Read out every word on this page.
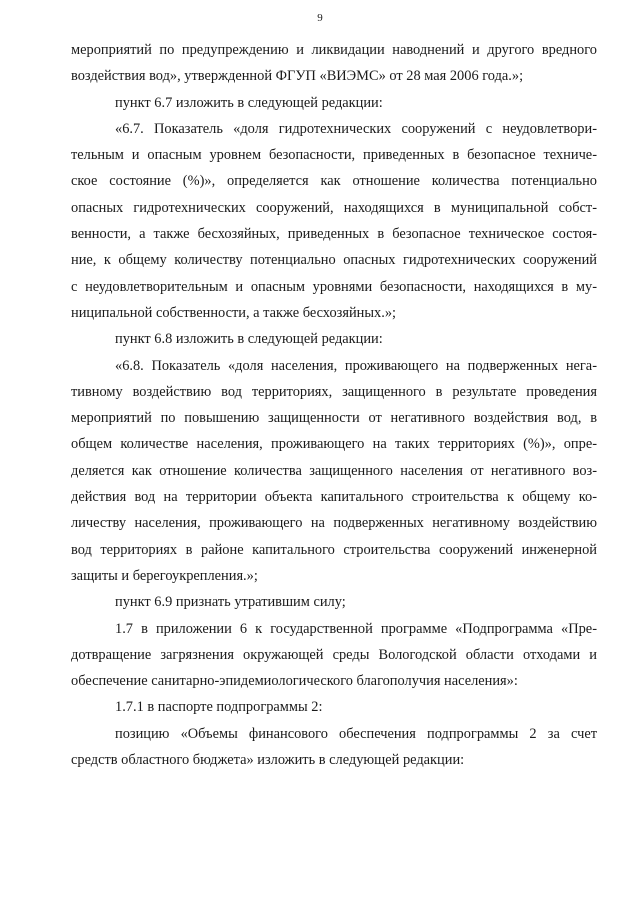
9
мероприятий по предупреждению и ликвидации наводнений и другого вредного
воздействия вод», утвержденной ФГУП «ВИЭМС» от 28 мая 2006 года.»;
пункт 6.7 изложить в следующей редакции:
«6.7. Показатель «доля гидротехнических сооружений с неудовлетвори-
тельным и опасным уровнем безопасности, приведенных в безопасное техниче-
ское состояние (%)», определяется как отношение количества потенциально
опасных гидротехнических сооружений, находящихся в муниципальной собст-
венности, а также бесхозяйных, приведенных в безопасное техническое состоя-
ние, к общему количеству потенциально опасных гидротехнических сооружений
с неудовлетворительным и опасным уровнями безопасности, находящихся в му-
ниципальной собственности, а также бесхозяйных.»;
пункт 6.8 изложить в следующей редакции:
«6.8. Показатель «доля населения, проживающего на подверженных нега-
тивному воздействию вод территориях, защищенного в результате проведения
мероприятий по повышению защищенности от негативного воздействия вод, в
общем количестве населения, проживающего на таких территориях (%)», опре-
деляется как отношение количества защищенного населения от негативного воз-
действия вод на территории объекта капитального строительства к общему ко-
личеству населения, проживающего на подверженных негативному воздействию
вод территориях в районе капитального строительства сооружений инженерной
защиты и берегоукрепления.»;
пункт 6.9 признать утратившим силу;
1.7 в приложении 6 к государственной программе «Подпрограмма «Пре-
дотвращение загрязнения окружающей среды Вологодской области отходами и
обеспечение санитарно-эпидемиологического благополучия населения»:
1.7.1 в паспорте подпрограммы 2:
позицию «Объемы финансового обеспечения подпрограммы 2 за счет
средств областного бюджета» изложить в следующей редакции:
